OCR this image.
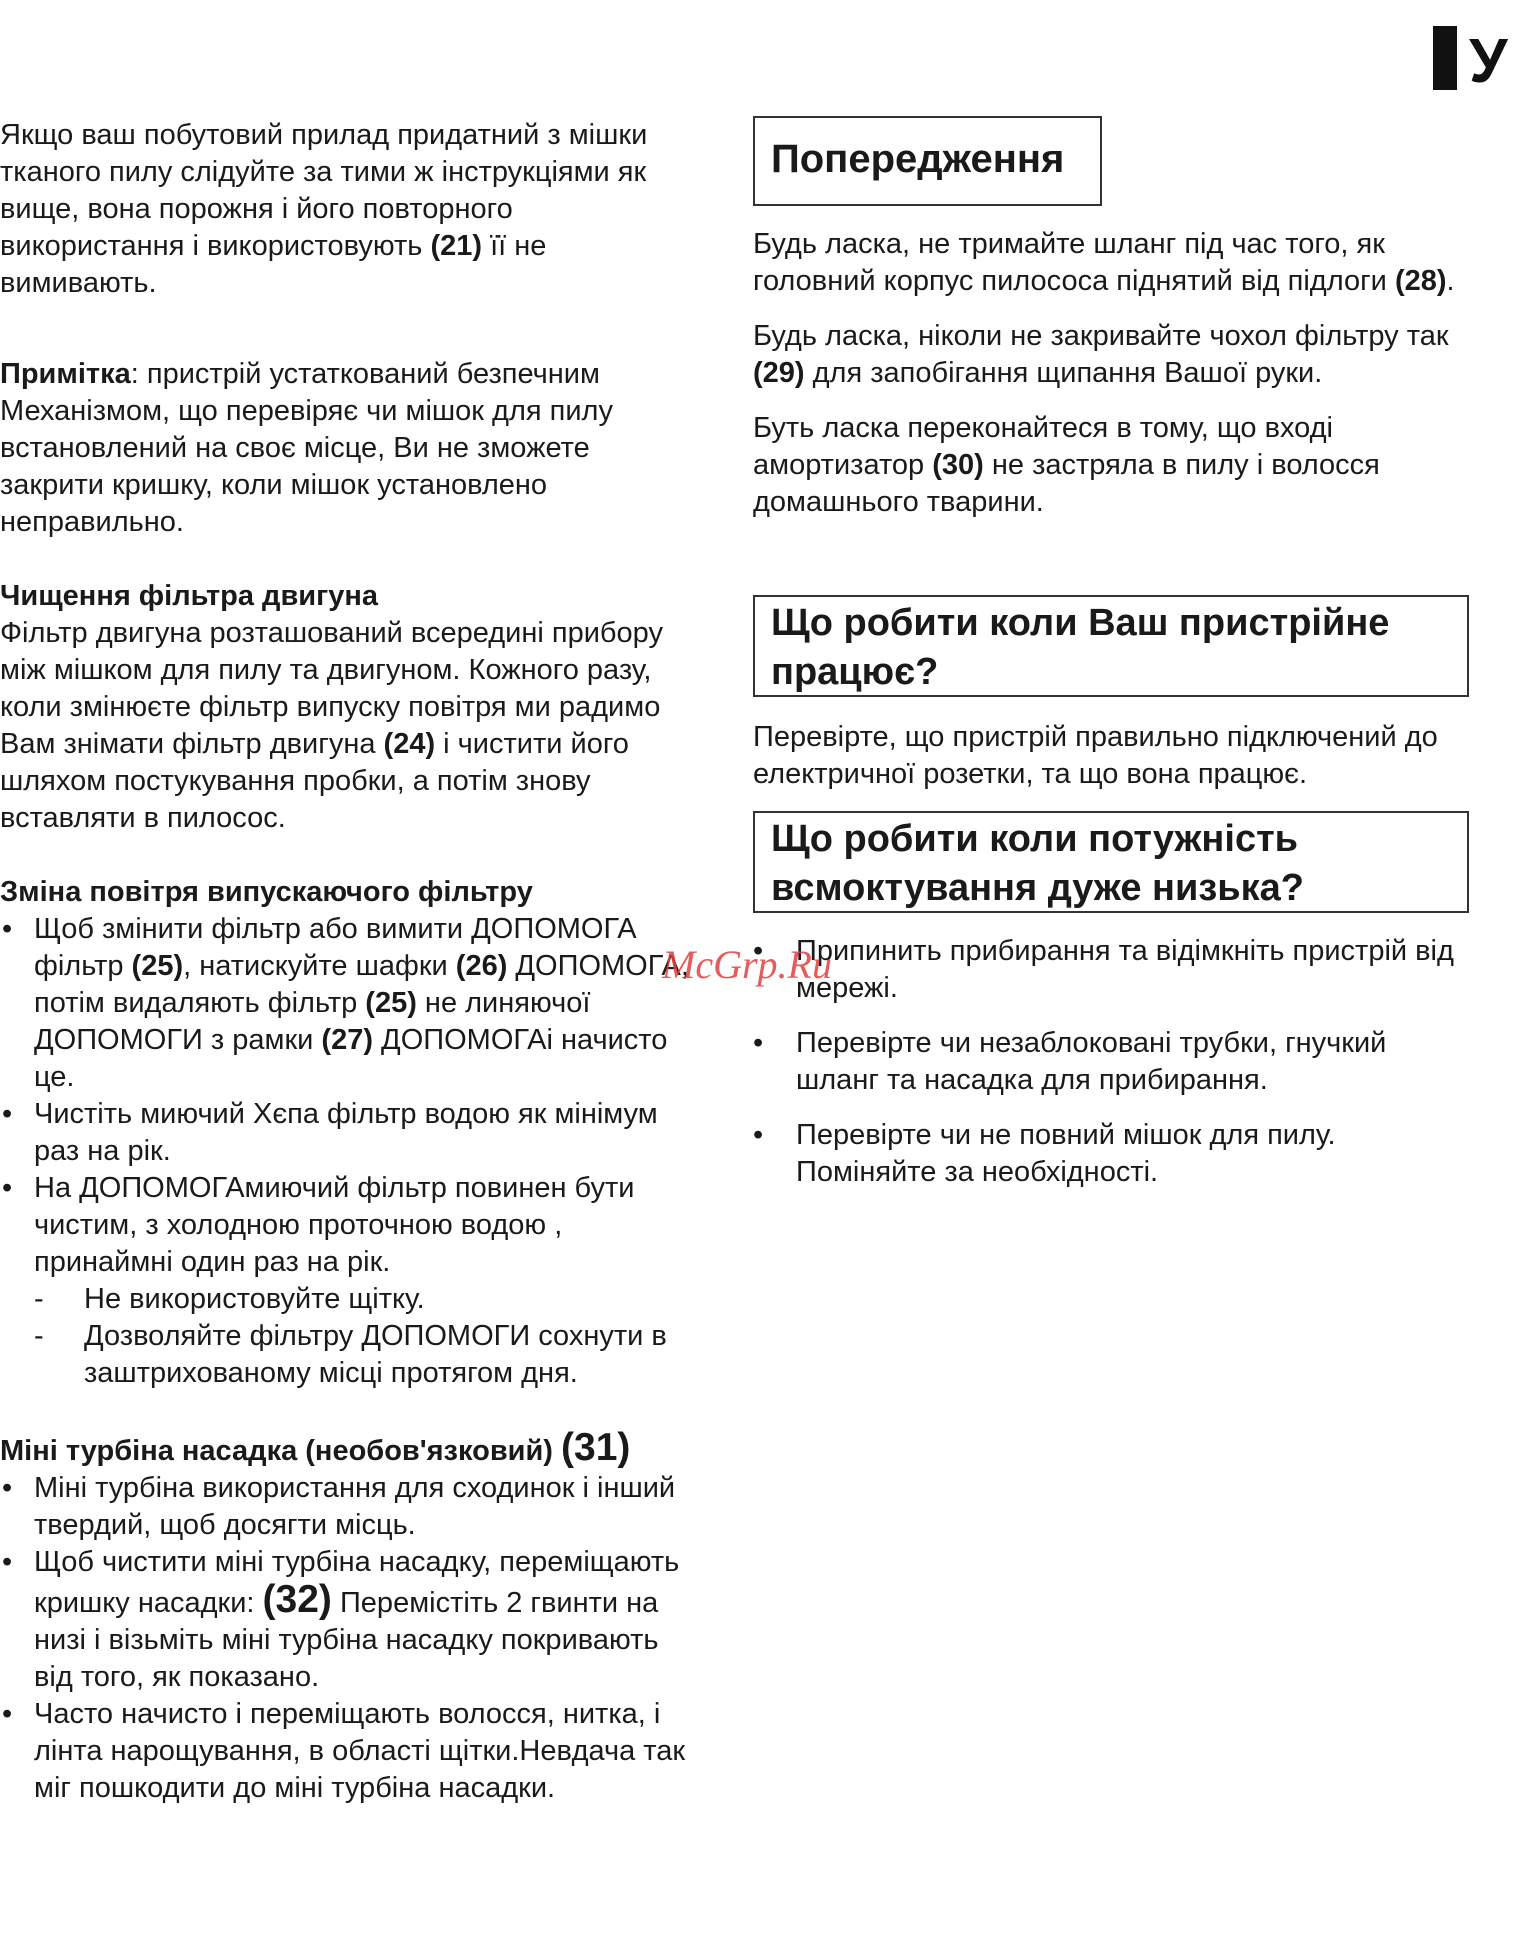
У

Якщо ваш побутовий прилад придатний з мішки тканого пилу слідуйте за тими ж інструкціями як вище, вона порожня і його повторного використання і використовують (21) її не вимивають.

Примітка: пристрій устаткований безпечним Механізмом, що перевіряє чи мішок для пилу встановлений на своє місце, Ви не зможете закрити кришку, коли мішок установлено неправильно.

Чищення фільтра двигуна

Фільтр двигуна розташований всередині прибору між мішком для пилу та двигуном. Кожного разу, коли змінюєте фільтр випуску повітря ми радимо Вам знімати фільтр двигуна (24) і чистити його шляхом постукування пробки, а потім знову вставляти в пилосос.

Зміна повітря випускаючого фільтру

• Щоб змінити фільтр або вимити ДОПОМОГА фільтр (25), натискуйте шафки (26) ДОПОМОГА, потім видаляють фільтр (25) не линяючої ДОПОМОГИ з рамки (27) ДОПОМОГАі начисто це.
• Чистіть миючий Хєпа фільтр водою як мінімум раз на рік.
• На ДОПОМОГАмиючий фільтр повинен бути чистим, з холодною проточною водою , принаймні один раз на рік.
- Не використовуйте щітку.
- Дозволяйте фільтру ДОПОМОГИ сохнути в заштрихованому місці протягом дня.

Міні турбіна насадка (необов'язковий) (31)

• Міні турбіна використання для сходинок і інший твердий, щоб досягти місць.
• Щоб чистити міні турбіна насадку, переміщають кришку насадки: (32) Перемістіть 2 гвинти на низі і візьміть міні турбіна насадку покривають від того, як показано.
• Часто начисто і переміщають волосся, нитка, і лінта нарощування, в області щітки.Невдача так міг пошкодити до міні турбіна насадки.
Попередження

Будь ласка, не тримайте шланг під час того, як головний корпус пилососа піднятий від підлоги (28).

Будь ласка, ніколи не закривайте чохол фільтру так (29) для запобігання щипання Вашої руки.

Буть ласка переконайтеся в тому, що вході амортизатор (30) не застряла в пилу і волосся домашнього тварини.

Що робити коли Ваш пристрійне працює?

Перевірте, що пристрій правильно підключений до електричної розетки, та що вона працює.

Що робити коли потужність всмоктування дуже низька?
• Припинить прибирання та відімкніть пристрій від мережі.
• Перевірте чи незаблоковані трубки, гнучкий шланг та насадка для прибирання.
• Перевірте чи не повний мішок для пилу. Поміняйте за необхідності.
McGrp.Ru
